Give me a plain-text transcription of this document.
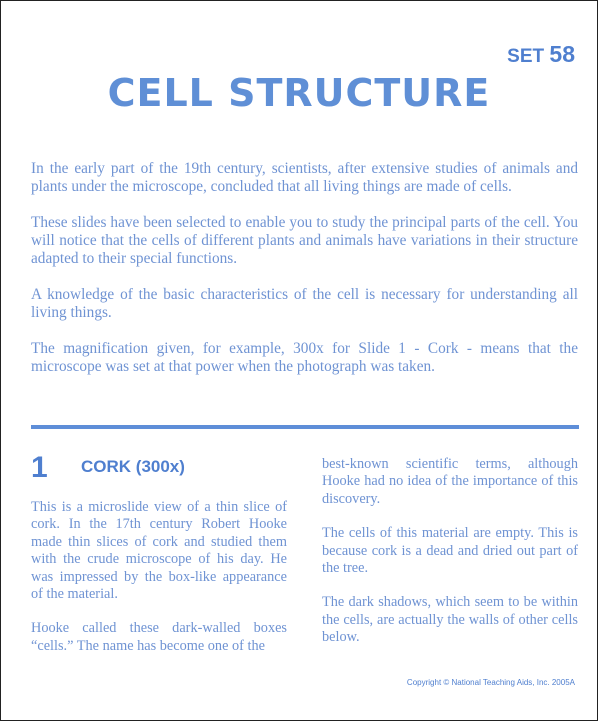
SET 58
CELL STRUCTURE

In the early part of the 19th century, scientists, after extensive studies of animals and plants under the microscope, concluded that all living things are made of cells.

These slides have been selected to enable you to study the principal parts of the cell. You will notice that the cells of different plants and animals have variations in their structure adapted to their special functions.

A knowledge of the basic characteristics of the cell is necessary for understanding all living things.

The magnification given, for example, 300x for Slide 1 - Cork - means that the microscope was set at that power when the photograph was taken.

1 CORK (300x)

This is a microslide view of a thin slice of cork. In the 17th century Robert Hooke made thin slices of cork and studied them with the crude microscope of his day. He was impressed by the box-like appearance of the material.

Hooke called these dark-walled boxes “cells.” The name has become one of the

best-known scientific terms, although Hooke had no idea of the importance of this discovery.

The cells of this material are empty. This is because cork is a dead and dried out part of the tree.

The dark shadows, which seem to be within the cells, are actually the walls of other cells below.

Copyright © National Teaching Aids, Inc. 2005A
